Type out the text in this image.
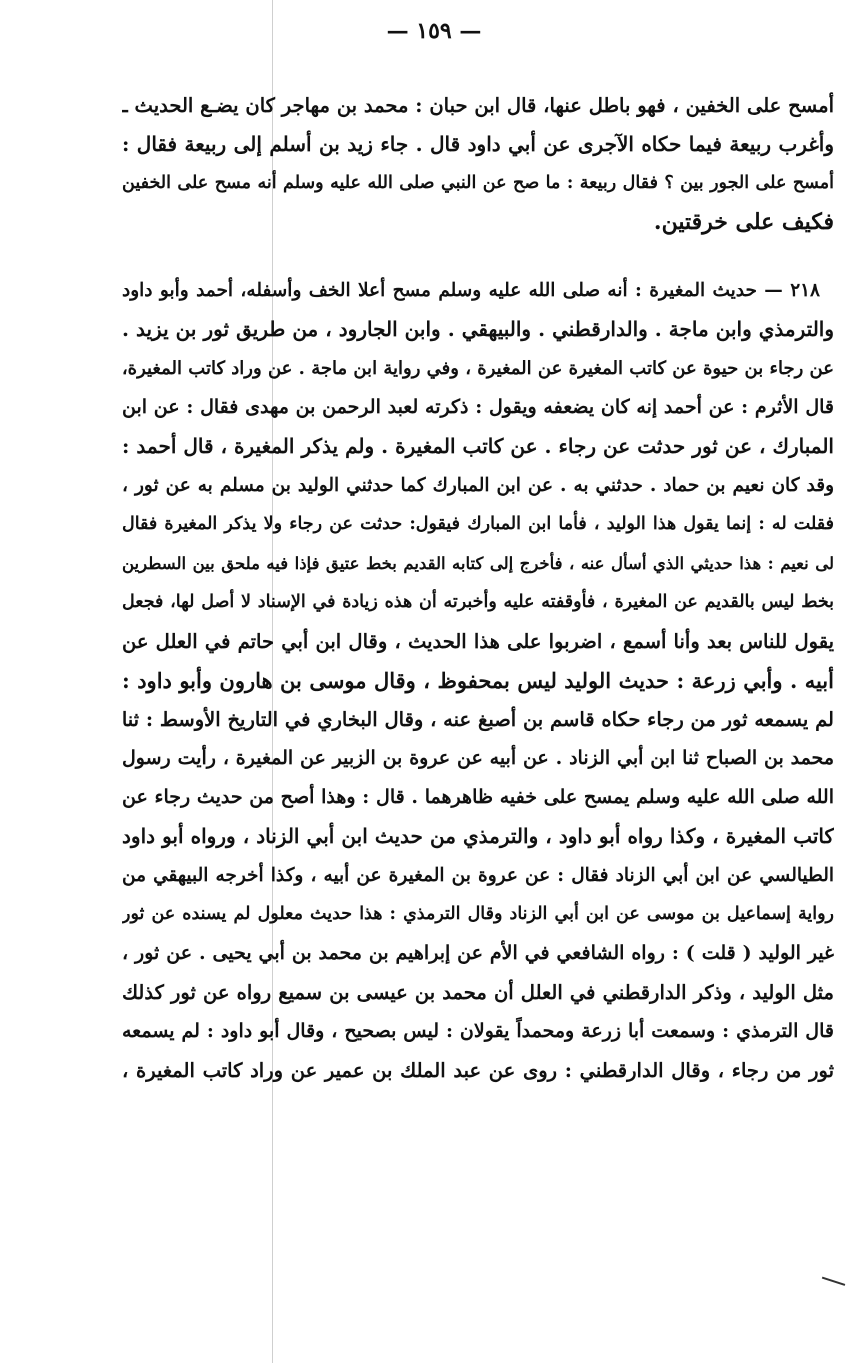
— ١٥٩ —
أمسح على الخفين ، فهو باطل عنها، قال ابن حبان : محمد بن مهاجر كان يضـع الحديث ـ
وأغرب ربيعة فيما حكاه الآجرى عن أبي داود قال . جاء زيد بن أسلم إلى ربيعة فقال :
أمسح على الجور بين ؟ فقال ربيعة : ما صح عن النبي صلى الله عليه وسلم أنه مسح على الخفين
فكيف على خرقتين.
٢١٨ — حديث المغيرة : أنه صلى الله عليه وسلم مسح أعلا الخف وأسفله، أحمد وأبو داود
والترمذي وابن ماجة . والدارقطني . والبيهقي . وابن الجارود ، من طريق ثور بن يزيد .
عن رجاء بن حيوة عن كاتب المغيرة عن المغيرة ، وفي رواية ابن ماجة . عن وراد كاتب المغيرة،
قال الأثرم : عن أحمد إنه كان يضعفه ويقول : ذكرته لعبد الرحمن بن مهدى فقال : عن ابن
المبارك ، عن ثور حدثت عن رجاء . عن كاتب المغيرة . ولم يذكر المغيرة ، قال أحمد :
وقد كان نعيم بن حماد . حدثني به . عن ابن المبارك كما حدثني الوليد بن مسلم به عن ثور ،
فقلت له : إنما يقول هذا الوليد ، فأما ابن المبارك فيقول: حدثت عن رجاء ولا يذكر المغيرة فقال
لى نعيم : هذا حديثي الذي أسأل عنه ، فأخرج إلى كتابه القديم بخط عتيق فإذا فيه ملحق بين السطرين
بخط ليس بالقديم عن المغيرة ، فأوقفته عليه وأخبرته أن هذه زيادة في الإسناد لا أصل لها، فجعل
يقول للناس بعد وأنا أسمع ، اضربوا على هذا الحديث ، وقال ابن أبي حاتم في العلل عن
أبيه . وأبي زرعة : حديث الوليد ليس بمحفوظ ، وقال موسى بن هارون وأبو داود :
لم يسمعه ثور من رجاء حكاه قاسم بن أصبغ عنه ، وقال البخاري في التاريخ الأوسط : ثنا
محمد بن الصباح ثنا ابن أبي الزناد . عن أبيه عن عروة بن الزبير عن المغيرة ، رأيت رسول
الله صلى الله عليه وسلم يمسح على خفيه ظاهرهما . قال : وهذا أصح من حديث رجاء عن
كاتب المغيرة ، وكذا رواه أبو داود ، والترمذي من حديث ابن أبي الزناد ، ورواه أبو داود
الطيالسي عن ابن أبي الزناد فقال : عن عروة بن المغيرة عن أبيه ، وكذا أخرجه البيهقي من
رواية إسماعيل بن موسى عن ابن أبي الزناد وقال الترمذي : هذا حديث معلول لم يسنده عن ثور
غير الوليد ( قلت ) : رواه الشافعي في الأم عن إبراهيم بن محمد بن أبي يحيى . عن ثور ،
مثل الوليد ، وذكر الدارقطني في العلل أن محمد بن عيسى بن سميع رواه عن ثور كذلك
قال الترمذي : وسمعت أبا زرعة ومحمداً يقولان : ليس بصحيح ، وقال أبو داود : لم يسمعه
ثور من رجاء ، وقال الدارقطني : روى عن عبد الملك بن عمير عن وراد كاتب المغيرة ،
